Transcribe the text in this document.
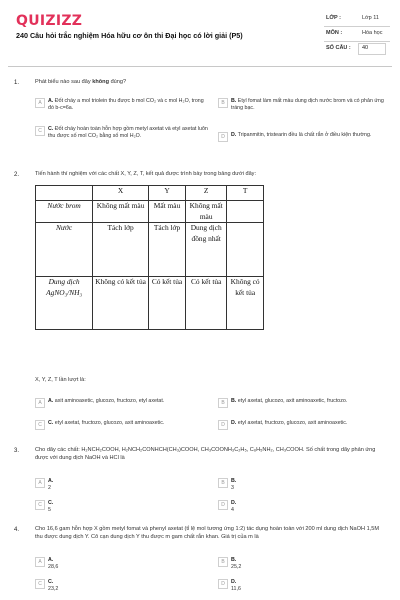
QUIZIZZ
240 Câu hỏi trắc nghiệm Hóa hữu cơ ôn thi Đại học có lời giải (P5)
LỚP :	Lớp 11
MÔN :	Hóa học
SỐ CÂU : 40
1.	Phát biểu nào sau đây không đúng?
A	A. Đốt cháy a mol triolein thu được b mol CO₂ và c mol H₂O, trong đó b-c=6a.
B	B. Etyl fomat làm mất màu dung dịch nước brom và có phản ứng tráng bạc.
C	C. Đốt cháy hoàn toàn hỗn hợp gồm metyl axetat và etyl axetat luôn thu được số mol CO₂ bằng số mol H₂O.	D	D. Tripanmitin, tristearin đều là chất rắn ở điều kiện thường.
2.	Tiến hành thí nghiệm với các chất X, Y, Z, T, kết quả được trình bày trong bảng dưới đây:
	X	Y	Z	T
Nước brom	Không mất màu	Mất màu	Không mất màu	
Nước	Tách lớp	Tách lớp	Dung dịch đồng nhất	
Dung dịch AgNO₃/NH₃	Không có kết tủa	Có kết tủa	Có kết tủa	Không có kết tủa
X, Y, Z, T lần lượt là:
A	A. axit aminoaxetic, glucozo, fructozo, etyl axetat.	B	B. etyl axetat, glucozo, axit aminoaxetic, fructozo.
C	C. etyl axetat, fructozo, glucozo, axit aminoaxetic.	D	D. etyl axetat, fructozo, glucozo, axit aminoaxetic.
3.	Cho dãy các chất: H₂NCH₂COOH, H₂NCH₂CONHCH(CH₃)COOH, CH₃COONH₃C₂H₅, C₆H₅NH₂, CH₃COOH. Số chất trong dãy phản ứng được với dung dịch NaOH và HCl là
A	A. 2
B	B. 3
C	C. 5
D	D. 4
4.	Cho 16,6 gam hỗn hợp X gồm metyl fomat và phenyl axetat (tỉ lệ mol tương ứng 1:2) tác dụng hoàn toàn với 200 ml dung dịch NaOH 1,5M thu được dung dịch Y. Cô cạn dung dịch Y thu được m gam chất rắn khan. Giá trị của m là
A	A. 28,6
B	B. 25,2
C	C. 23,2
D	D. 11,6
